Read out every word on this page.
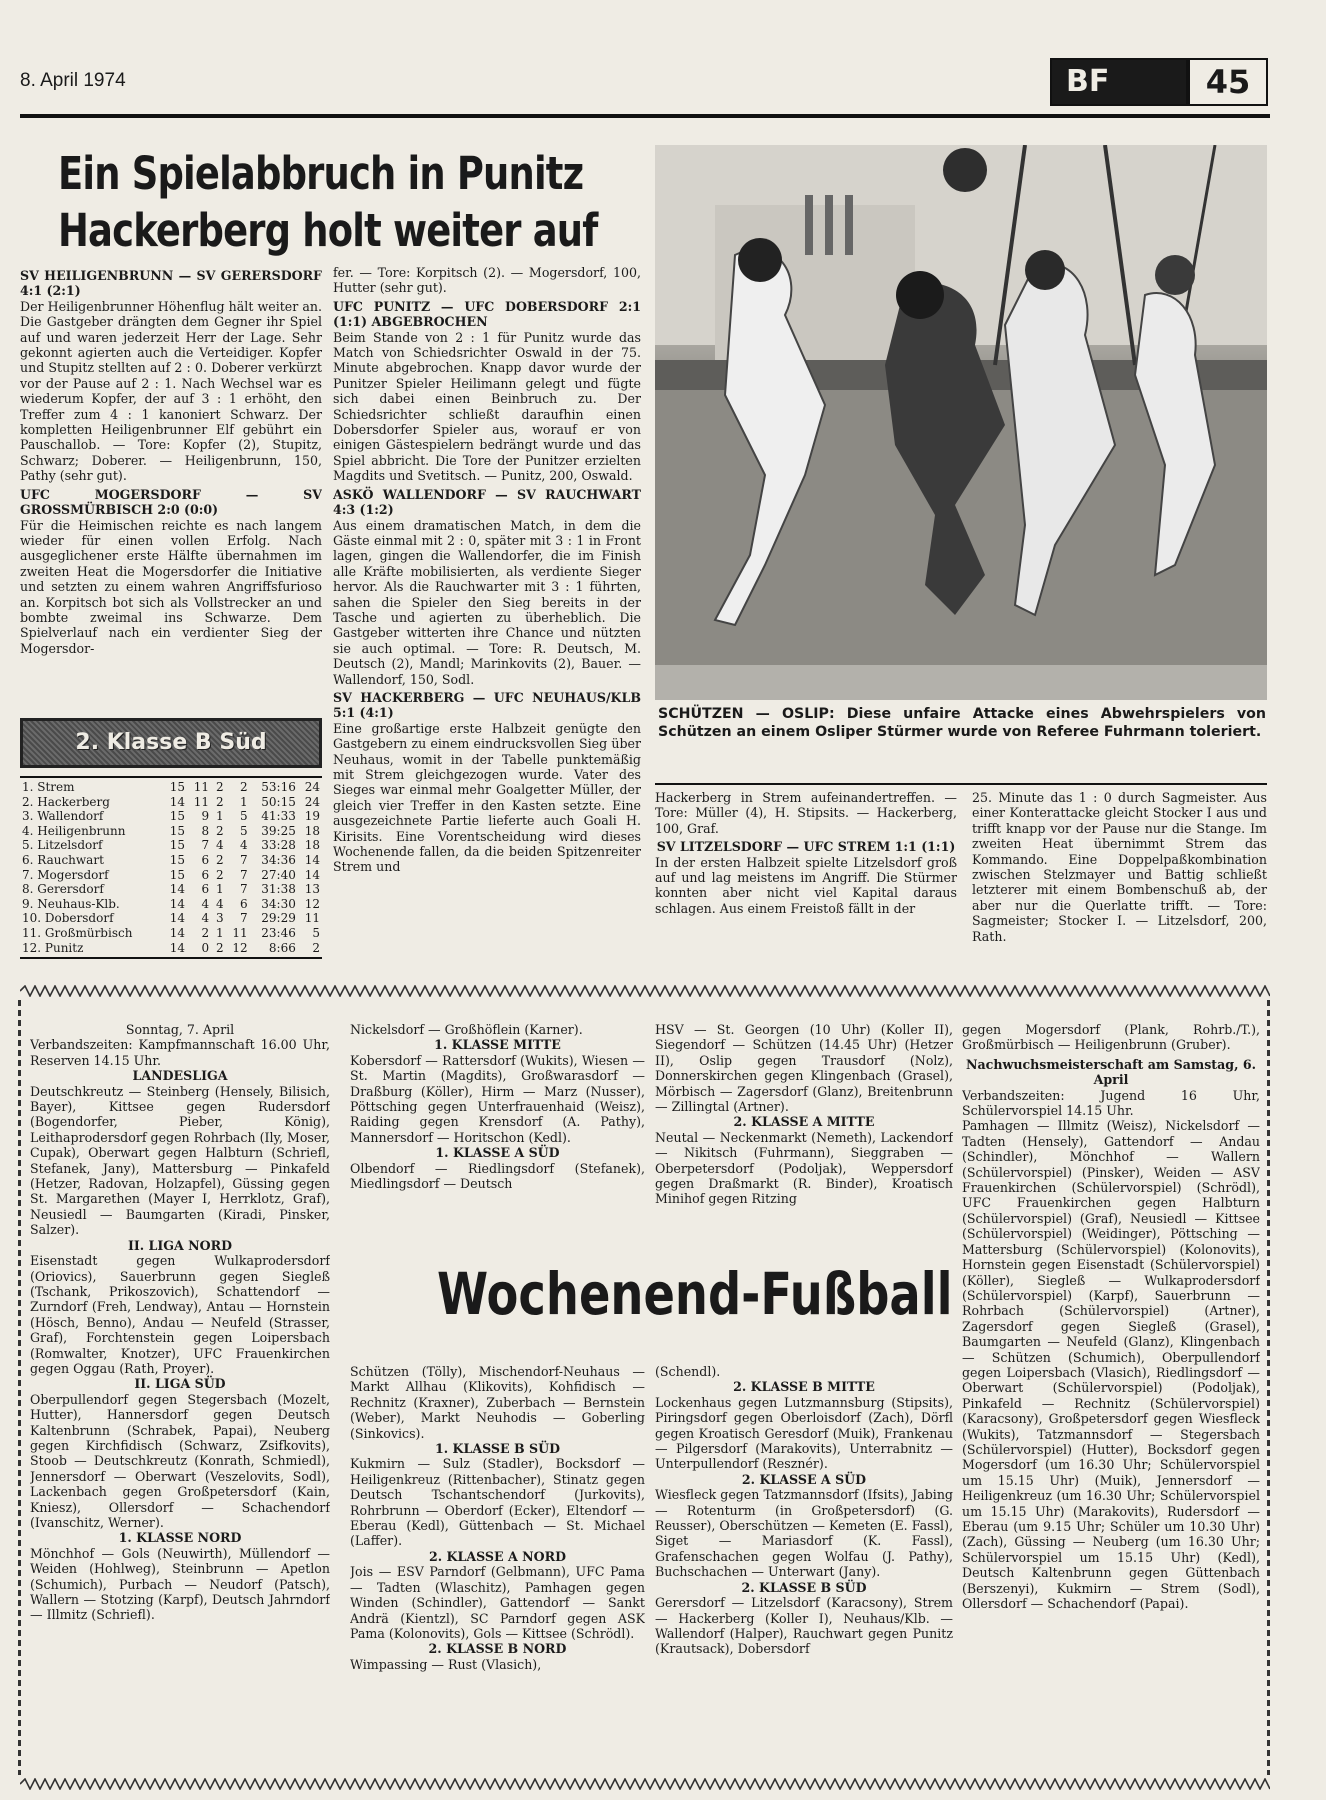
8. April 1974	BF	45
Ein Spielabbruch in Punitz
Hackerberg holt weiter auf

SV HEILIGENBRUNN — SV GERERSDORF 4:1 (2:1)

Der Heiligenbrunner Höhenflug hält weiter an. Die Gastgeber drängten dem Gegner ihr Spiel auf und waren jederzeit Herr der Lage. Sehr gekonnt agierten auch die Verteidiger. Kopfer und Stupitz stellten auf 2 : 0. Doberer verkürzt vor der Pause auf 2 : 1. Nach Wechsel war es wiederum Kopfer, der auf 3 : 1 erhöht, den Treffer zum 4 : 1 kanoniert Schwarz. Der kompletten Heiligenbrunner Elf gebührt ein Pauschallob. — Tore: Kopfer (2), Stupitz, Schwarz; Doberer. — Heiligenbrunn, 150, Pathy (sehr gut).

UFC MOGERSDORF — SV GROSSMÜRBISCH 2:0 (0:0)

Für die Heimischen reichte es nach langem wieder für einen vollen Erfolg. Nach ausgeglichener erste Hälfte übernahmen im zweiten Heat die Mogersdorfer die Initiative und setzten zu einem wahren Angriffsfurioso an. Korpitsch bot sich als Vollstrecker an und bombte zweimal ins Schwarze. Dem Spielverlauf nach ein verdienter Sieg der Mogersdor-

2. Klasse B Süd
1. Strem	15	11	2	2	53:16	24
2. Hackerberg	14	11	2	1	50:15	24
3. Wallendorf	15	9	1	5	41:33	19
4. Heiligenbrunn	15	8	2	5	39:25	18
5. Litzelsdorf	15	7	4	4	33:28	18
6. Rauchwart	15	6	2	7	34:36	14
7. Mogersdorf	15	6	2	7	27:40	14
8. Gerersdorf	14	6	1	7	31:38	13
9. Neuhaus-Klb.	14	4	4	6	34:30	12
10. Dobersdorf	14	4	3	7	29:29	11
11. Großmürbisch	14	2	1	11	23:46	5
12. Punitz	14	0	2	12	8:66	2

fer. — Tore: Korpitsch (2). — Mogersdorf, 100, Hutter (sehr gut).

UFC PUNITZ — UFC DOBERSDORF 2:1 (1:1) ABGEBROCHEN

Beim Stande von 2 : 1 für Punitz wurde das Match von Schiedsrichter Oswald in der 75. Minute abgebrochen. Knapp davor wurde der Punitzer Spieler Heilimann gelegt und fügte sich dabei einen Beinbruch zu. Der Schiedsrichter schließt daraufhin einen Dobersdorfer Spieler aus, worauf er von einigen Gästespielern bedrängt wurde und das Spiel abbricht. Die Tore der Punitzer erzielten Magdits und Svetitsch. — Punitz, 200, Oswald.

ASKÖ WALLENDORF — SV RAUCHWART 4:3 (1:2)

Aus einem dramatischen Match, in dem die Gäste einmal mit 2 : 0, später mit 3 : 1 in Front lagen, gingen die Wallendorfer, die im Finish alle Kräfte mobilisierten, als verdiente Sieger hervor. Als die Rauchwarter mit 3 : 1 führten, sahen die Spieler den Sieg bereits in der Tasche und agierten zu überheblich. Die Gastgeber witterten ihre Chance und nützten sie auch optimal. — Tore: R. Deutsch, M. Deutsch (2), Mandl; Marinkovits (2), Bauer. — Wallendorf, 150, Sodl.

SV HACKERBERG — UFC NEUHAUS/KLB 5:1 (4:1)

Eine großartige erste Halbzeit genügte den Gastgebern zu einem eindrucksvollen Sieg über Neuhaus, womit in der Tabelle punktemäßig mit Strem gleichgezogen wurde. Vater des Sieges war einmal mehr Goalgetter Müller, der gleich vier Treffer in den Kasten setzte. Eine ausgezeichnete Partie lieferte auch Goali H. Kirisits. Eine Vorentscheidung wird dieses Wochenende fallen, da die beiden Spitzenreiter Strem und

SCHÜTZEN — OSLIP: Diese unfaire Attacke eines Abwehrspielers von Schützen an einem Osliper Stürmer wurde von Referee Fuhrmann toleriert.

Hackerberg in Strem aufeinandertreffen. — Tore: Müller (4), H. Stipsits. — Hackerberg, 100, Graf.

SV LITZELSDORF — UFC STREM 1:1 (1:1)

In der ersten Halbzeit spielte Litzelsdorf groß auf und lag meistens im Angriff. Die Stürmer konnten aber nicht viel Kapital daraus schlagen. Aus einem Freistoß fällt in der

25. Minute das 1 : 0 durch Sagmeister. Aus einer Konterattacke gleicht Stocker I aus und trifft knapp vor der Pause nur die Stange. Im zweiten Heat übernimmt Strem das Kommando. Eine Doppelpaßkombination zwischen Stelzmayer und Battig schließt letzterer mit einem Bombenschuß ab, der aber nur die Querlatte trifft. — Tore: Sagmeister; Stocker I. — Litzelsdorf, 200, Rath.

Sonntag, 7. April

Verbandszeiten: Kampfmannschaft 16.00 Uhr, Reserven 14.15 Uhr.

LANDESLIGA

Deutschkreutz — Steinberg (Hensely, Bilisich, Bayer), Kittsee gegen Rudersdorf (Bogendorfer, Pieber, König), Leithaprodersdorf gegen Rohrbach (Ily, Moser, Cupak), Oberwart gegen Halbturn (Schriefl, Stefanek, Jany), Mattersburg — Pinkafeld (Hetzer, Radovan, Holzapfel), Güssing gegen St. Margarethen (Mayer I, Herrklotz, Graf), Neusiedl — Baumgarten (Kiradi, Pinsker, Salzer).

II. LIGA NORD

Eisenstadt gegen Wulkaprodersdorf (Oriovics), Sauerbrunn gegen Siegleß (Tschank, Prikoszovich), Schattendorf — Zurndorf (Freh, Lendway), Antau — Hornstein (Hösch, Benno), Andau — Neufeld (Strasser, Graf), Forchtenstein gegen Loipersbach (Romwalter, Knotzer), UFC Frauenkirchen gegen Oggau (Rath, Proyer).

II. LIGA SÜD

Oberpullendorf gegen Stegersbach (Mozelt, Hutter), Hannersdorf gegen Deutsch Kaltenbrunn (Schrabek, Papai), Neuberg gegen Kirchfidisch (Schwarz, Zsifkovits), Stoob — Deutschkreutz (Konrath, Schmiedl), Jennersdorf — Oberwart (Veszelovits, Sodl), Lackenbach gegen Großpetersdorf (Kain, Kniesz), Ollersdorf — Schachendorf (Ivanschitz, Werner).

1. KLASSE NORD

Mönchhof — Gols (Neuwirth), Müllendorf — Weiden (Hohlweg), Steinbrunn — Apetlon (Schumich), Purbach — Neudorf (Patsch), Wallern — Stotzing (Karpf), Deutsch Jahrndorf — Illmitz (Schriefl).

Nickelsdorf — Großhöflein (Karner).

1. KLASSE MITTE

Kobersdorf — Rattersdorf (Wukits), Wiesen — St. Martin (Magdits), Großwarasdorf — Draßburg (Köller), Hirm — Marz (Nusser), Pöttsching gegen Unterfrauenhaid (Weisz), Raiding gegen Krensdorf (A. Pathy), Mannersdorf — Horitschon (Kedl).

1. KLASSE A SÜD

Olbendorf — Riedlingsdorf (Stefanek), Miedlingsdorf — Deutsch

HSV — St. Georgen (10 Uhr) (Koller II), Siegendorf — Schützen (14.45 Uhr) (Hetzer II), Oslip gegen Trausdorf (Nolz), Donnerskirchen gegen Klingenbach (Grasel), Mörbisch — Zagersdorf (Glanz), Breitenbrunn — Zillingtal (Artner).

2. KLASSE A MITTE

Neutal — Neckenmarkt (Nemeth), Lackendorf — Nikitsch (Fuhrmann), Sieggraben — Oberpetersdorf (Podoljak), Weppersdorf gegen Draßmarkt (R. Binder), Kroatisch Minihof gegen Ritzing

Wochenend-Fußball

Schützen (Tölly), Mischendorf-Neuhaus — Markt Allhau (Klikovits), Kohfidisch — Rechnitz (Kraxner), Zuberbach — Bernstein (Weber), Markt Neuhodis — Goberling (Sinkovics).

1. KLASSE B SÜD

Kukmirn — Sulz (Stadler), Bocksdorf — Heiligenkreuz (Rittenbacher), Stinatz gegen Deutsch Tschantschendorf (Jurkovits), Rohrbrunn — Oberdorf (Ecker), Eltendorf — Eberau (Kedl), Güttenbach — St. Michael (Laffer).

2. KLASSE A NORD

Jois — ESV Parndorf (Gelbmann), UFC Pama — Tadten (Wlaschitz), Pamhagen gegen Winden (Schindler), Gattendorf — Sankt Andrä (Kientzl), SC Parndorf gegen ASK Pama (Kolonovits), Gols — Kittsee (Schrödl).

2. KLASSE B NORD

Wimpassing — Rust (Vlasich),

(Schendl).

2. KLASSE B MITTE

Lockenhaus gegen Lutzmannsburg (Stipsits), Piringsdorf gegen Oberloisdorf (Zach), Dörfl gegen Kroatisch Geresdorf (Muik), Frankenau — Pilgersdorf (Marakovits), Unterrabnitz — Unterpullendorf (Resznér).

2. KLASSE A SÜD

Wiesfleck gegen Tatzmannsdorf (Ifsits), Jabing — Rotenturm (in Großpetersdorf) (G. Reusser), Oberschützen — Kemeten (E. Fassl), Siget — Mariasdorf (K. Fassl), Grafenschachen gegen Wolfau (J. Pathy), Buchschachen — Unterwart (Jany).

2. KLASSE B SÜD

Gerersdorf — Litzelsdorf (Karacsony), Strem — Hackerberg (Koller I), Neuhaus/Klb. — Wallendorf (Halper), Rauchwart gegen Punitz (Krautsack), Dobersdorf

gegen Mogersdorf (Plank, Rohrb./T.), Großmürbisch — Heiligenbrunn (Gruber).

Nachwuchsmeisterschaft am Samstag, 6. April

Verbandszeiten: Jugend 16 Uhr, Schülervorspiel 14.15 Uhr.

Pamhagen — Illmitz (Weisz), Nickelsdorf — Tadten (Hensely), Gattendorf — Andau (Schindler), Mönchhof — Wallern (Schülervorspiel) (Pinsker), Weiden — ASV Frauenkirchen (Schülervorspiel) (Schrödl), UFC Frauenkirchen gegen Halbturn (Schülervorspiel) (Graf), Neusiedl — Kittsee (Schülervorspiel) (Weidinger), Pöttsching — Mattersburg (Schülervorspiel) (Kolonovits), Hornstein gegen Eisenstadt (Schülervorspiel) (Köller), Siegleß — Wulkaprodersdorf (Schülervorspiel) (Karpf), Sauerbrunn — Rohrbach (Schülervorspiel) (Artner), Zagersdorf gegen Siegleß (Grasel), Baumgarten — Neufeld (Glanz), Klingenbach — Schützen (Schumich), Oberpullendorf gegen Loipersbach (Vlasich), Riedlingsdorf — Oberwart (Schülervorspiel) (Podoljak), Pinkafeld — Rechnitz (Schülervorspiel) (Karacsony), Großpetersdorf gegen Wiesfleck (Wukits), Tatzmannsdorf — Stegersbach (Schülervorspiel) (Hutter), Bocksdorf gegen Mogersdorf (um 16.30 Uhr; Schülervorspiel um 15.15 Uhr) (Muik), Jennersdorf — Heiligenkreuz (um 16.30 Uhr; Schülervorspiel um 15.15 Uhr) (Marakovits), Rudersdorf — Eberau (um 9.15 Uhr; Schüler um 10.30 Uhr) (Zach), Güssing — Neuberg (um 16.30 Uhr; Schülervorspiel um 15.15 Uhr) (Kedl), Deutsch Kaltenbrunn gegen Güttenbach (Berszenyi), Kukmirn — Strem (Sodl), Ollersdorf — Schachendorf (Papai).
